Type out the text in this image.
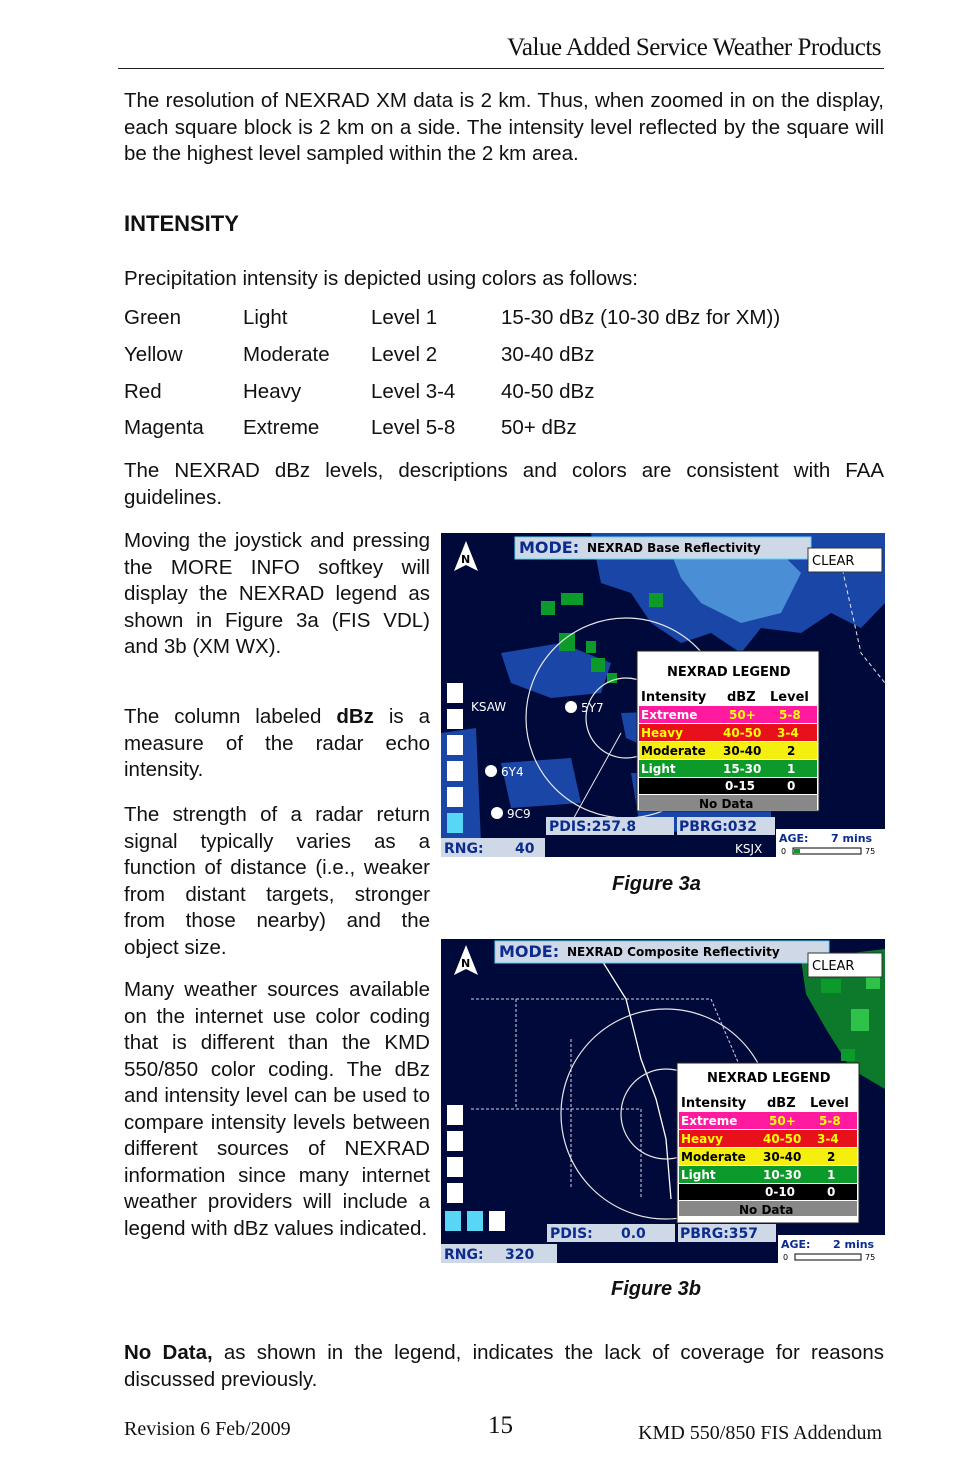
Value Added Service Weather Products

The resolution of NEXRAD XM data is 2 km. Thus, when zoomed in on the display, each square block is 2 km on a side. The intensity level reflected by the square will be the highest level sampled within the 2 km area.

INTENSITY

Precipitation intensity is depicted using colors as follows:

Green	Light	Level 1	15-30 dBz (10-30 dBz for XM))
Yellow	Moderate	Level 2	30-40 dBz
Red	Heavy	Level 3-4	40-50 dBz
Magenta	Extreme	Level 5-8	50+ dBz

The NEXRAD dBz levels, descriptions and colors are consistent with FAA guidelines.

Moving the joystick and pressing the MORE INFO softkey will display the NEXRAD legend as shown in Figure 3a (FIS VDL) and 3b (XM WX).

The column labeled dBz is a measure of the radar echo intensity.

The strength of a radar return signal typically varies as a function of distance (i.e., weaker from distant targets, stronger from those nearby) and the object size.

Many weather sources available on the internet use color coding that is different than the KMD 550/850 color coding. The dBz and intensity level can be used to compare intensity levels between different sources of NEXRAD information since many internet weather providers will include a legend with dBz values indicated.

N
MODE: NEXRAD Base Reflectivity
CLEAR
KSAW	5Y7
6Y4
9C9
KSJX
NEXRAD LEGEND
Intensity dBZ Level
Extreme	50+ 5-8
Heavy	40-50 3-4
Moderate 30-40 2
Light	15-30 1
0-15	0
No Data
PDIS:257.8	PBRG:032
RNG: 40
AGE: 7 mins
0	75
Figure 3a
N
MODE: NEXRAD Composite Reflectivity
CLEAR
NEXRAD LEGEND
Intensity dBZ Level
Extreme	50+ 5-8
Heavy	40-50 3-4
Moderate 30-40 2
Light	10-30 1
0-10	0
No Data
PDIS: 0.0 PBRG:357
RNG: 320
AGE: 2 mins
0	75
Figure 3b

No Data, as shown in the legend, indicates the lack of coverage for reasons discussed previously.

Revision 6 Feb/2009	15	KMD 550/850 FIS Addendum
